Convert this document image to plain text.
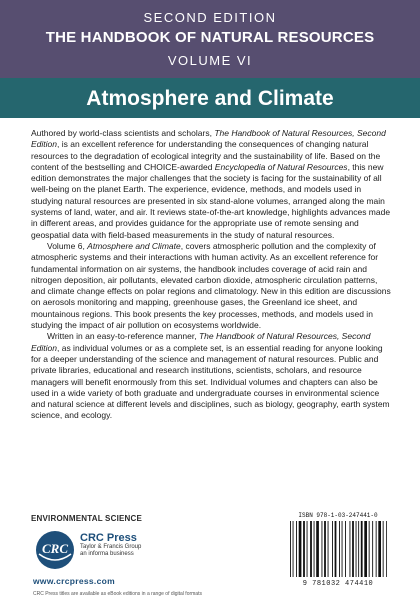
SECOND EDITION
THE HANDBOOK OF NATURAL RESOURCES
VOLUME VI
Atmosphere and Climate

Authored by world-class scientists and scholars, The Handbook of Natural Resources, Second Edition, is an excellent reference for understanding the consequences of changing natural resources to the degradation of ecological integrity and the sustainability of life. Based on the content of the bestselling and CHOICE-awarded Encyclopedia of Natural Resources, this new edition demonstrates the major challenges that the society is facing for the sustainability of all well-being on the planet Earth. The experience, evidence, methods, and models used in studying natural resources are presented in six stand-alone volumes, arranged along the main systems of land, water, and air. It reviews state-of-the-art knowledge, highlights advances made in different areas, and provides guidance for the appropriate use of remote sensing and geospatial data with field-based measurements in the study of natural resources.

Volume 6, Atmosphere and Climate, covers atmospheric pollution and the complexity of atmospheric systems and their interactions with human activity. As an excellent reference for fundamental information on air systems, the handbook includes coverage of acid rain and nitrogen deposition, air pollutants, elevated carbon dioxide, atmospheric circulation patterns, and climate change effects on polar regions and climatology. New in this edition are discussions on aerosols monitoring and mapping, greenhouse gases, the Greenland ice sheet, and mountainous regions. This book presents the key processes, methods, and models used in studying the impact of air pollution on ecosystems worldwide.

Written in an easy-to-reference manner, The Handbook of Natural Resources, Second Edition, as individual volumes or as a complete set, is an essential reading for anyone looking for a deeper understanding of the science and management of natural resources. Public and private libraries, educational and research institutions, scientists, scholars, and resource managers will benefit enormously from this set. Individual volumes and chapters can also be used in a wide variety of both graduate and undergraduate courses in environmental science and natural science at different levels and disciplines, such as biology, geography, earth system science, and ecology.

ENVIRONMENTAL SCIENCE
CRC
CRC Press
Taylor & Francis Group
an informa business
www.crcpress.com
CRC Press titles are available as eBook editions in a range of digital formats
ISBN 978-1-03-247441-0
9 781032 474410
